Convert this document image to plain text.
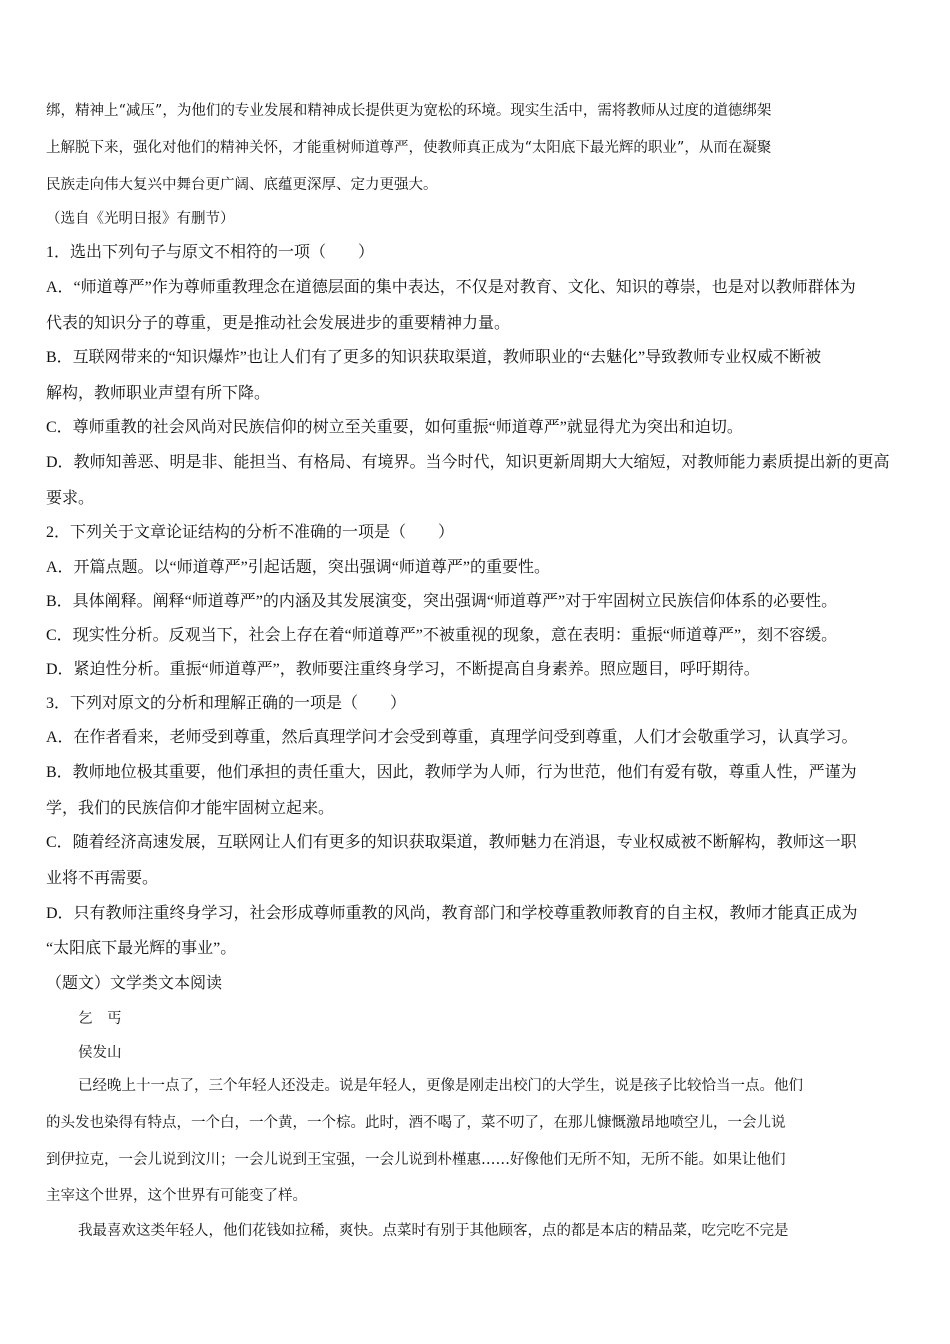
绑，精神上“减压”，为他们的专业发展和精神成长提供更为宽松的环境。现实生活中，需将教师从过度的道德绑架
上解脱下来，强化对他们的精神关怀，才能重树师道尊严，使教师真正成为“太阳底下最光辉的职业”，从而在凝聚
民族走向伟大复兴中舞台更广阔、底蕴更深厚、定力更强大。
（选自《光明日报》有删节）
1．选出下列句子与原文不相符的一项（　　）
A．“师道尊严”作为尊师重教理念在道德层面的集中表达，不仅是对教育、文化、知识的尊崇，也是对以教师群体为
代表的知识分子的尊重，更是推动社会发展进步的重要精神力量。
B．互联网带来的“知识爆炸”也让人们有了更多的知识获取渠道，教师职业的“去魅化”导致教师专业权威不断被
解构，教师职业声望有所下降。
C．尊师重教的社会风尚对民族信仰的树立至关重要，如何重振“师道尊严”就显得尤为突出和迫切。
D．教师知善恶、明是非、能担当、有格局、有境界。当今时代，知识更新周期大大缩短，对教师能力素质提出新的更高
要求。
2．下列关于文章论证结构的分析不准确的一项是（　　）
A．开篇点题。以“师道尊严”引起话题，突出强调“师道尊严”的重要性。
B．具体阐释。阐释“师道尊严”的内涵及其发展演变，突出强调“师道尊严”对于牢固树立民族信仰体系的必要性。
C．现实性分析。反观当下，社会上存在着“师道尊严”不被重视的现象，意在表明：重振“师道尊严”，刻不容缓。
D．紧迫性分析。重振“师道尊严”，教师要注重终身学习，不断提高自身素养。照应题目，呼吁期待。
3．下列对原文的分析和理解正确的一项是（　　）
A．在作者看来，老师受到尊重，然后真理学问才会受到尊重，真理学问受到尊重，人们才会敬重学习，认真学习。
B．教师地位极其重要，他们承担的责任重大，因此，教师学为人师，行为世范，他们有爱有敬，尊重人性，严谨为
学，我们的民族信仰才能牢固树立起来。
C．随着经济高速发展，互联网让人们有更多的知识获取渠道，教师魅力在消退，专业权威被不断解构，教师这一职
业将不再需要。
D．只有教师注重终身学习，社会形成尊师重教的风尚，教育部门和学校尊重教师教育的自主权，教师才能真正成为
“太阳底下最光辉的事业”。
（题文）文学类文本阅读
乞　丐
侯发山
已经晚上十一点了，三个年轻人还没走。说是年轻人，更像是刚走出校门的大学生，说是孩子比较恰当一点。他们
的头发也染得有特点，一个白，一个黄，一个棕。此时，酒不喝了，菜不叨了，在那儿慷慨激昂地喷空儿，一会儿说
到伊拉克，一会儿说到汶川；一会儿说到王宝强，一会儿说到朴槿惠……好像他们无所不知，无所不能。如果让他们
主宰这个世界，这个世界有可能变了样。
我最喜欢这类年轻人，他们花钱如拉稀，爽快。点菜时有别于其他顾客，点的都是本店的精品菜，吃完吃不完是
